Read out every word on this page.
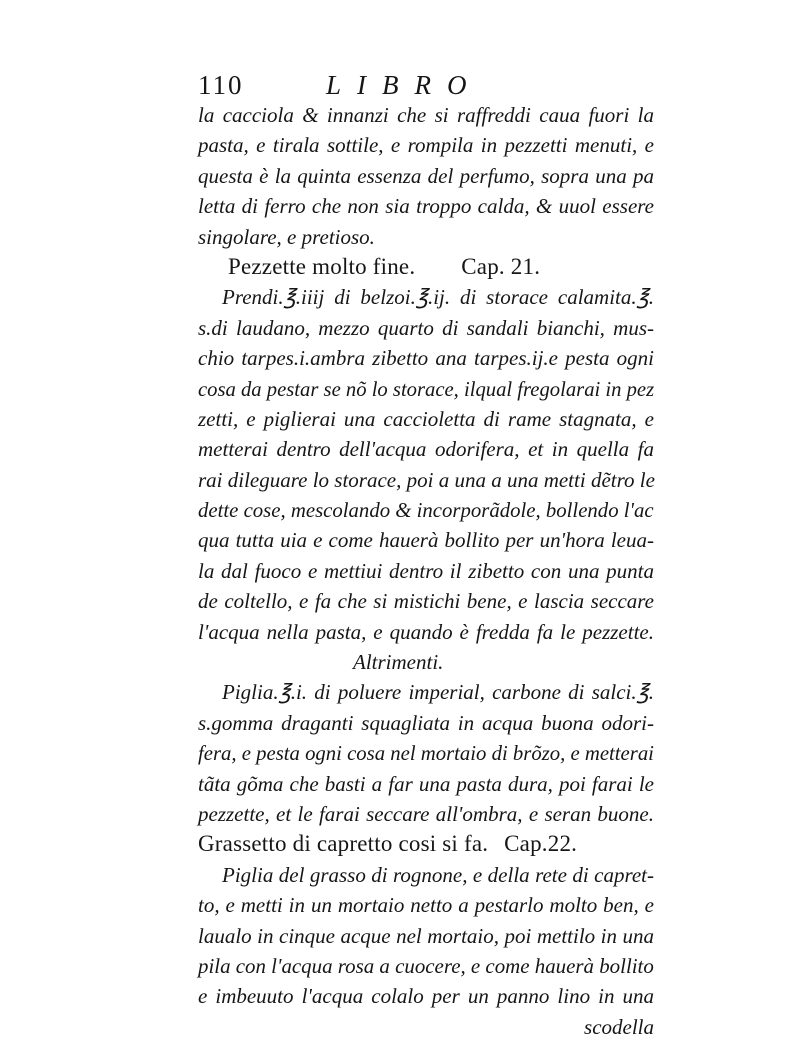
110	LIBRO
la cacciola & innanzi che si raffreddi caua fuori la
pasta, e tirala sottile, e rompila in pezzetti menuti, e
questa è la quinta essenza del perfumo, sopra una pa
letta di ferro che non sia troppo calda, & uuol essere
singolare, e pretioso.
Pezzette molto fine. Cap. 21.
Prendi.℥.iiij di belzoi.℥.ij. di storace calamita.℥.
s.di laudano, mezzo quarto di sandali bianchi, mus-
chio tarpes.i.ambra zibetto ana tarpes.ij.e pesta ogni
cosa da pestar se nõ lo storace, ilqual fregolarai in pez
zetti, e piglierai una caccioletta di rame stagnata, e
metterai dentro dell'acqua odorifera, et in quella fa
rai dileguare lo storace, poi a una a una metti dẽtro le
dette cose, mescolando & incorporãdole, bollendo l'ac
qua tutta uia e come hauerà bollito per un'hora leua-
la dal fuoco e mettiui dentro il zibetto con una punta
de coltello, e fa che si mistichi bene, e lascia seccare
l'acqua nella pasta, e quando è fredda fa le pezzette.
Altrimenti.
Piglia.℥.i. di poluere imperial, carbone di salci.℥.
s.gomma draganti squagliata in acqua buona odori-
fera, e pesta ogni cosa nel mortaio di brõzo, e metterai
tãta gõma che basti a far una pasta dura, poi farai le
pezzette, et le farai seccare all'ombra, e seran buone.
Grassetto di capretto cosi si fa. Cap.22.
Piglia del grasso di rognone, e della rete di capret-
to, e metti in un mortaio netto a pestarlo molto ben, e
laualo in cinque acque nel mortaio, poi mettilo in una
pila con l'acqua rosa a cuocere, e come hauerà bollito
e imbeuuto l'acqua colalo per un panno lino in una
scodella
